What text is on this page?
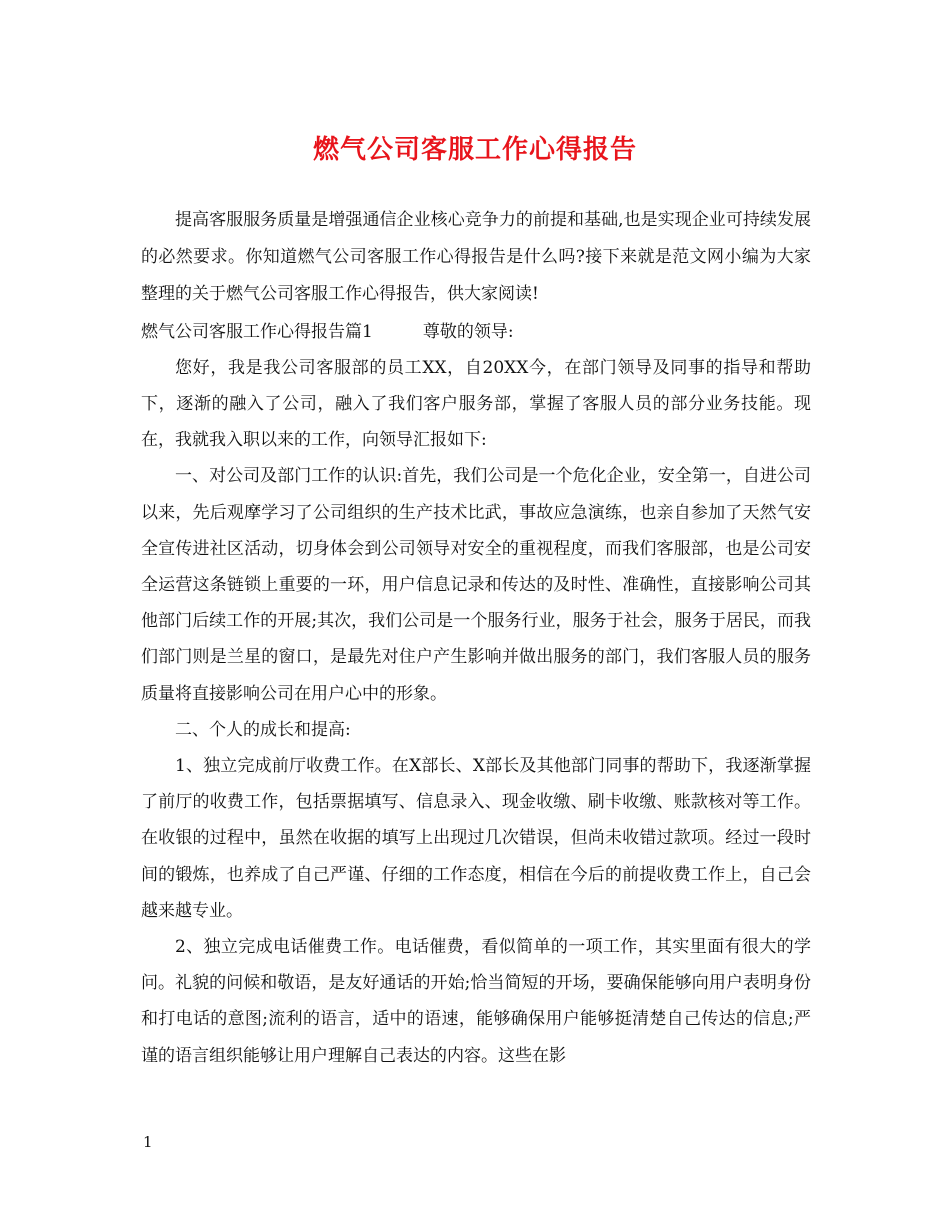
燃气公司客服工作心得报告

提高客服服务质量是增强通信企业核心竞争力的前提和基础,也是实现企业可持续发展的必然要求。你知道燃气公司客服工作心得报告是什么吗?接下来就是范文网小编为大家整理的关于燃气公司客服工作心得报告，供大家阅读!

燃气公司客服工作心得报告篇1	尊敬的领导:

您好，我是我公司客服部的员工XX，自20XX今，在部门领导及同事的指导和帮助下，逐渐的融入了公司，融入了我们客户服务部，掌握了客服人员的部分业务技能。现在，我就我入职以来的工作，向领导汇报如下:

一、对公司及部门工作的认识:首先，我们公司是一个危化企业，安全第一，自进公司以来，先后观摩学习了公司组织的生产技术比武，事故应急演练，也亲自参加了天然气安全宣传进社区活动，切身体会到公司领导对安全的重视程度，而我们客服部，也是公司安全运营这条链锁上重要的一环，用户信息记录和传达的及时性、准确性，直接影响公司其他部门后续工作的开展;其次，我们公司是一个服务行业，服务于社会，服务于居民，而我们部门则是兰星的窗口，是最先对住户产生影响并做出服务的部门，我们客服人员的服务质量将直接影响公司在用户心中的形象。

二、个人的成长和提高:

1、独立完成前厅收费工作。在X部长、X部长及其他部门同事的帮助下，我逐渐掌握了前厅的收费工作，包括票据填写、信息录入、现金收缴、刷卡收缴、账款核对等工作。在收银的过程中，虽然在收据的填写上出现过几次错误，但尚未收错过款项。经过一段时间的锻炼，也养成了自己严谨、仔细的工作态度，相信在今后的前提收费工作上，自己会越来越专业。

2、独立完成电话催费工作。电话催费，看似简单的一项工作，其实里面有很大的学问。礼貌的问候和敬语，是友好通话的开始;恰当简短的开场，要确保能够向用户表明身份和打电话的意图;流利的语言，适中的语速，能够确保用户能够挺清楚自己传达的信息;严谨的语言组织能够让用户理解自己表达的内容。这些在影

1
